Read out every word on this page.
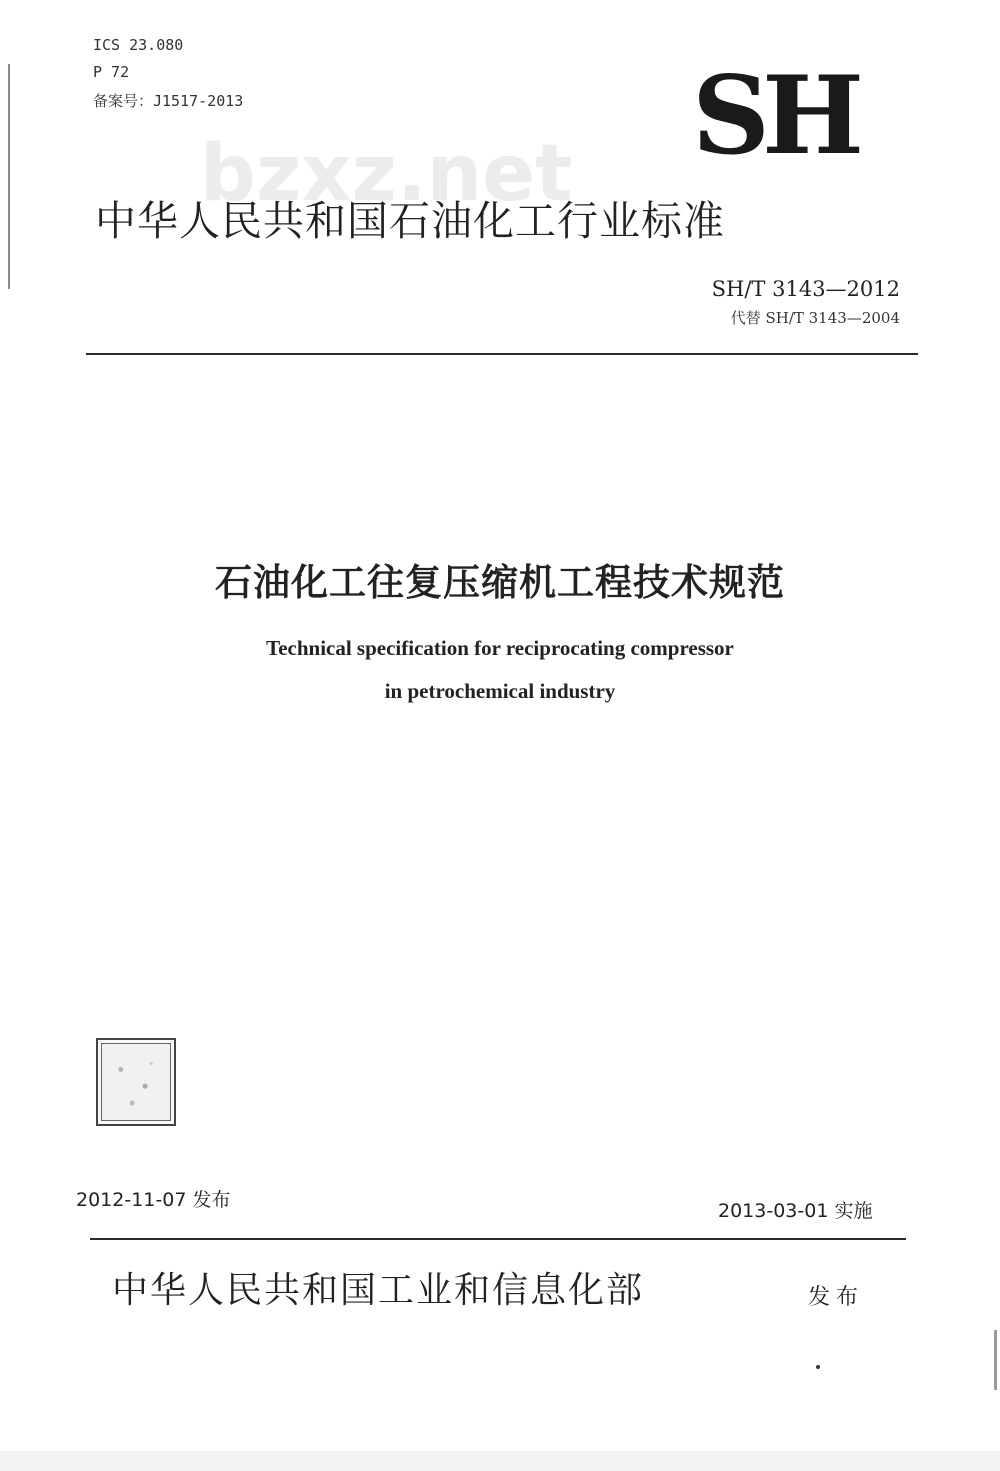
ICS 23.080
P 72
备案号：J1517-2013	SH
bzxz.net
中华人民共和国石油化工行业标准
SH/T 3143—2012
代替 SH/T 3143—2004
石油化工往复压缩机工程技术规范
Technical specification for reciprocating compressor
in petrochemical industry
2012-11-07 发布	2013-03-01 实施
中华人民共和国工业和信息化部	发布
